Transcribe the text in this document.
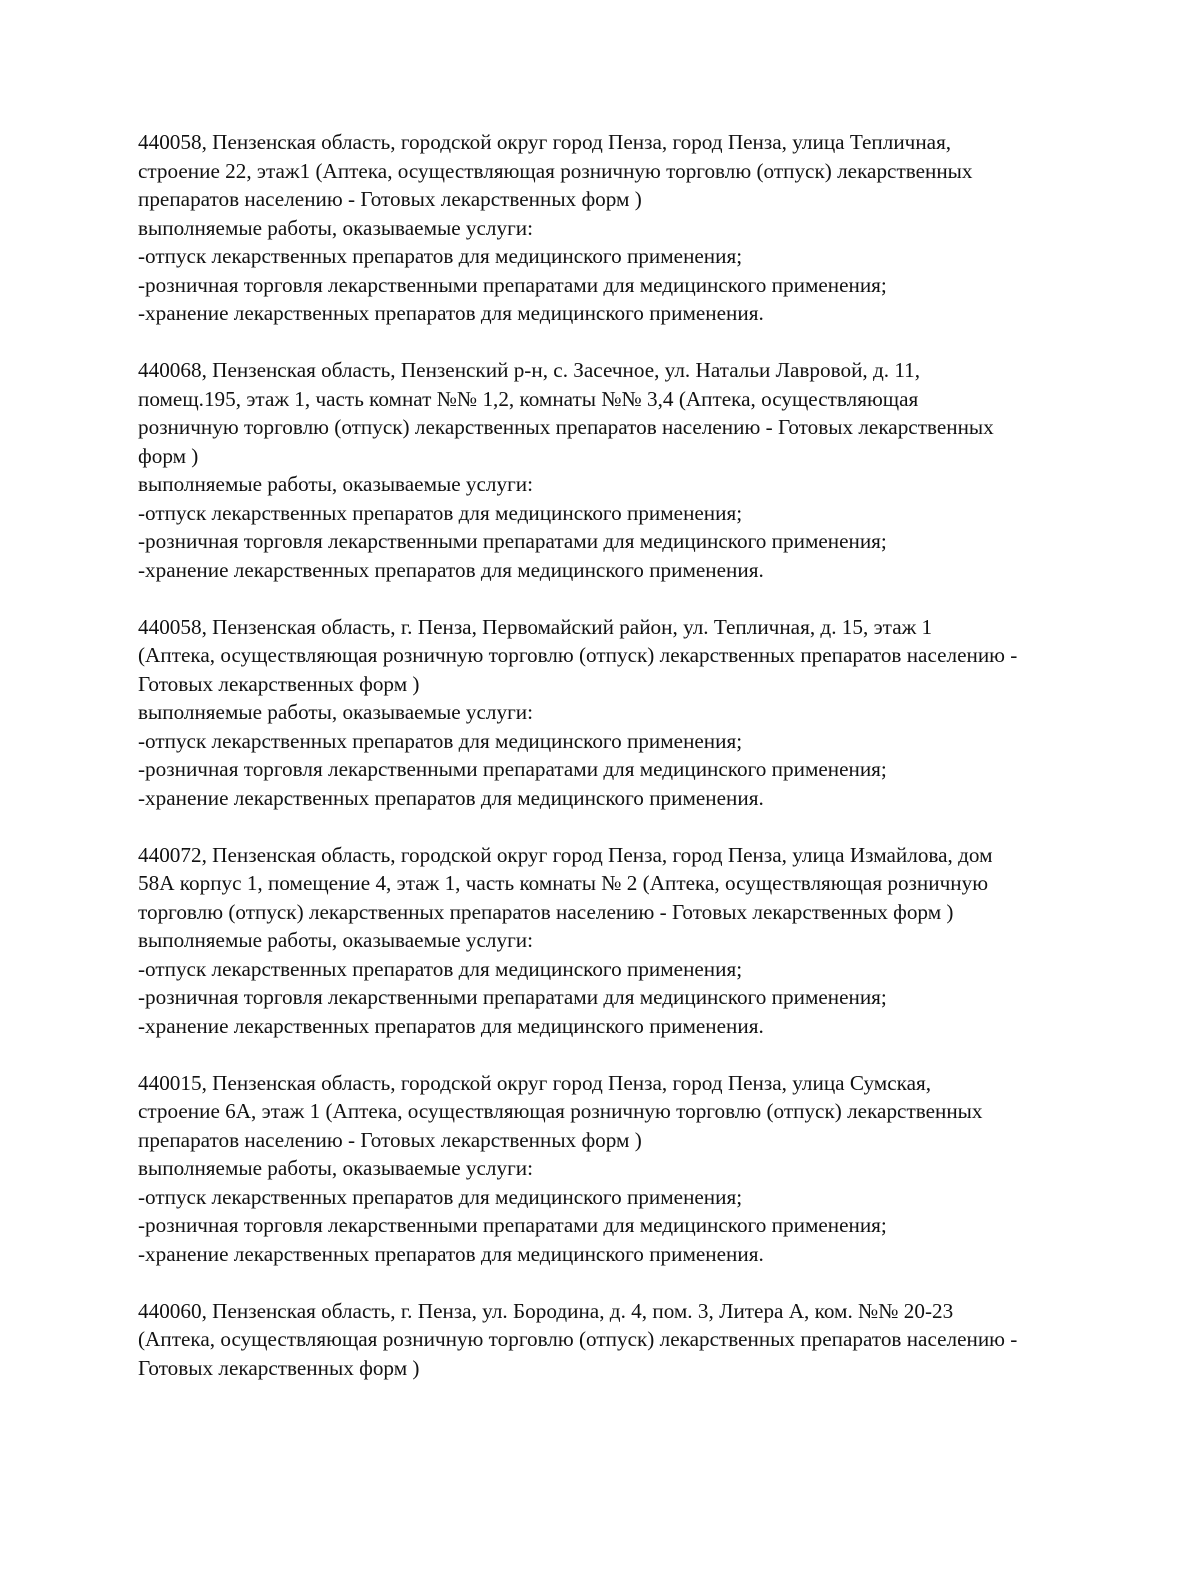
440058, Пензенская область, городской округ город Пенза, город Пенза, улица Тепличная,
строение 22, этаж1 (Аптека, осуществляющая розничную торговлю (отпуск) лекарственных
препаратов населению - Готовых лекарственных форм )
выполняемые работы, оказываемые услуги:
-отпуск лекарственных препаратов для медицинского применения;
-розничная торговля лекарственными препаратами для медицинского применения;
-хранение лекарственных препаратов для медицинского применения.
440068, Пензенская область, Пензенский р-н, с. Засечное, ул. Натальи Лавровой, д. 11,
помещ.195, этаж 1, часть комнат №№ 1,2, комнаты №№ 3,4 (Аптека, осуществляющая
розничную торговлю (отпуск) лекарственных препаратов населению - Готовых лекарственных
форм )
выполняемые работы, оказываемые услуги:
-отпуск лекарственных препаратов для медицинского применения;
-розничная торговля лекарственными препаратами для медицинского применения;
-хранение лекарственных препаратов для медицинского применения.
440058, Пензенская область, г. Пенза, Первомайский район, ул. Тепличная, д. 15, этаж 1
(Аптека, осуществляющая розничную торговлю (отпуск) лекарственных препаратов населению -
Готовых лекарственных форм )
выполняемые работы, оказываемые услуги:
-отпуск лекарственных препаратов для медицинского применения;
-розничная торговля лекарственными препаратами для медицинского применения;
-хранение лекарственных препаратов для медицинского применения.
440072, Пензенская область, городской округ город Пенза, город Пенза, улица Измайлова, дом
58А корпус 1, помещение 4, этаж 1, часть комнаты № 2 (Аптека, осуществляющая розничную
торговлю (отпуск) лекарственных препаратов населению - Готовых лекарственных форм )
выполняемые работы, оказываемые услуги:
-отпуск лекарственных препаратов для медицинского применения;
-розничная торговля лекарственными препаратами для медицинского применения;
-хранение лекарственных препаратов для медицинского применения.
440015, Пензенская область, городской округ город Пенза, город Пенза, улица Сумская,
строение 6А, этаж 1 (Аптека, осуществляющая розничную торговлю (отпуск) лекарственных
препаратов населению - Готовых лекарственных форм )
выполняемые работы, оказываемые услуги:
-отпуск лекарственных препаратов для медицинского применения;
-розничная торговля лекарственными препаратами для медицинского применения;
-хранение лекарственных препаратов для медицинского применения.
440060, Пензенская область, г. Пенза, ул. Бородина, д. 4, пом. 3, Литера А, ком. №№ 20-23
(Аптека, осуществляющая розничную торговлю (отпуск) лекарственных препаратов населению -
Готовых лекарственных форм )
